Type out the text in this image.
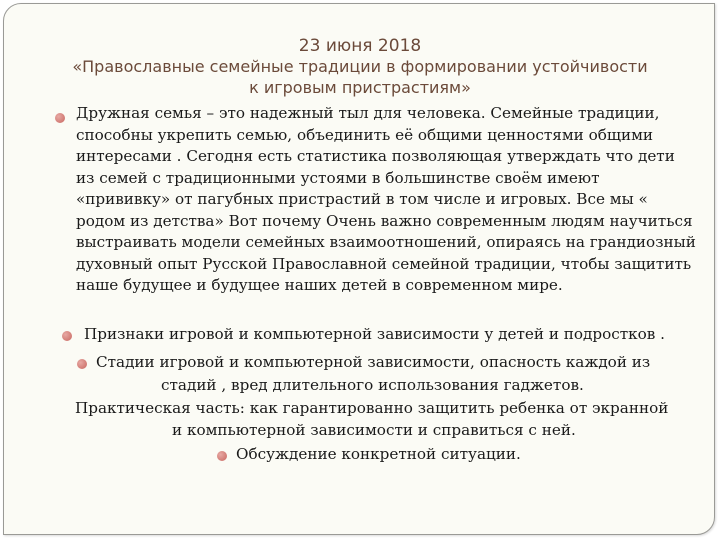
23 июня 2018
«Православные семейные традиции в формировании устойчивости
к игровым пристрастиям»
Дружная семья – это надежный тыл для человека. Семейные традиции, способны укрепить семью, объединить её общими ценностями общими интересами . Сегодня есть статистика позволяющая утверждать что дети из семей с традиционными устоями в большинстве своём имеют «прививку» от пагубных пристрастий в том числе и игровых. Все мы « родом из детства» Вот почему Очень важно современным людям научиться выстраивать модели семейных взаимоотношений, опираясь на грандиозный духовный опыт Русской Православной семейной традиции, чтобы защитить наше будущее и будущее наших детей в современном мире.
Признаки игровой и компьютерной зависимости у детей и подростков .
Стадии игровой и компьютерной зависимости, опасность каждой из
стадий , вред длительного использования гаджетов.
Практическая часть: как гарантированно защитить ребенка от экранной
и компьютерной зависимости и справиться с ней.
Обсуждение конкретной ситуации.
